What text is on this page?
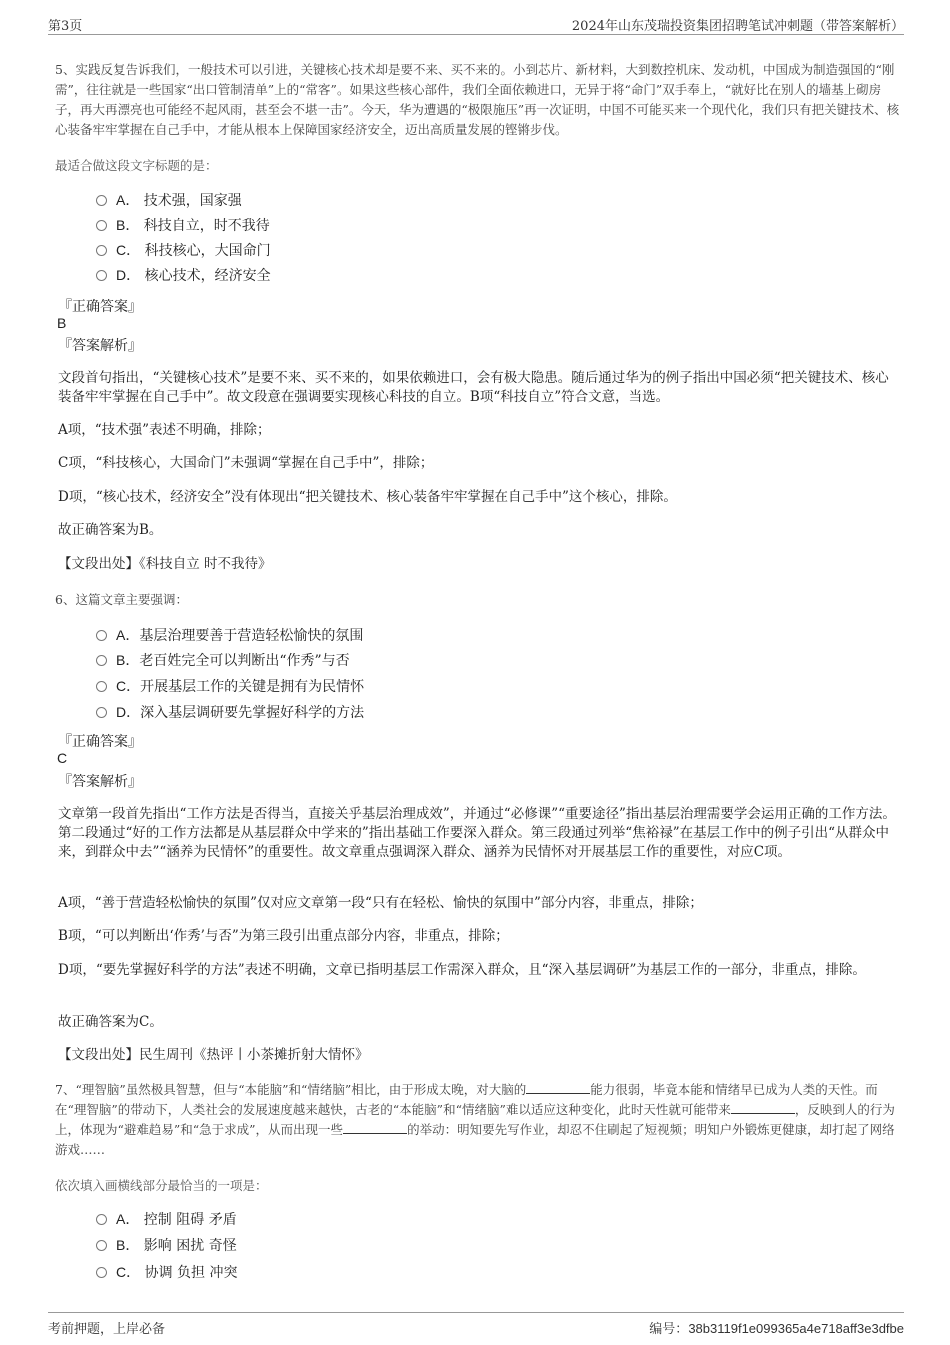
第3页	2024年山东茂瑞投资集团招聘笔试冲刺题（带答案解析）
5、实践反复告诉我们，一般技术可以引进，关键核心技术却是要不来、买不来的。小到芯片、新材料，大到数控机床、发动机，中国成为制造强国的“刚需”，往往就是一些国家“出口管制清单”上的“常客”。如果这些核心部件，我们全面依赖进口，无异于将“命门”双手奉上，“就好比在别人的墙基上砌房子，再大再漂亮也可能经不起风雨，甚至会不堪一击”。今天，华为遭遇的“极限施压”再一次证明，中国不可能买来一个现代化，我们只有把关键技术、核心装备牢牢掌握在自己手中，才能从根本上保障国家经济安全，迈出高质量发展的铿锵步伐。
最适合做这段文字标题的是：
A． 技术强，国家强
B． 科技自立，时不我待
C． 科技核心，大国命门
D． 核心技术，经济安全
『正确答案』
B
『答案解析』
文段首句指出，“关键核心技术”是要不来、买不来的，如果依赖进口，会有极大隐患。随后通过华为的例子指出中国必须“把关键技术、核心装备牢牢掌握在自己手中”。故文段意在强调要实现核心科技的自立。B项“科技自立”符合文意，当选。
A项，“技术强”表述不明确，排除；
C项，“科技核心，大国命门”未强调“掌握在自己手中”，排除；
D项，“核心技术，经济安全”没有体现出“把关键技术、核心装备牢牢掌握在自己手中”这个核心，排除。
故正确答案为B。
【文段出处】《科技自立 时不我待》
6、这篇文章主要强调：
A．基层治理要善于营造轻松愉快的氛围
B．老百姓完全可以判断出“作秀”与否
C．开展基层工作的关键是拥有为民情怀
D．深入基层调研要先掌握好科学的方法
『正确答案』
C
『答案解析』
文章第一段首先指出“工作方法是否得当，直接关乎基层治理成效”，并通过“必修课”“重要途径”指出基层治理需要学会运用正确的工作方法。第二段通过“好的工作方法都是从基层群众中学来的”指出基础工作要深入群众。第三段通过列举“焦裕禄”在基层工作中的例子引出“从群众中来，到群众中去”“涵养为民情怀”的重要性。故文章重点强调深入群众、涵养为民情怀对开展基层工作的重要性，对应C项。
A项，“善于营造轻松愉快的氛围”仅对应文章第一段“只有在轻松、愉快的氛围中”部分内容，非重点，排除；
B项，“可以判断出‘作秀’与否”为第三段引出重点部分内容，非重点，排除；
D项，“要先掌握好科学的方法”表述不明确，文章已指明基层工作需深入群众，且“深入基层调研”为基层工作的一部分，非重点，排除。
故正确答案为C。
【文段出处】民生周刊《热评丨小茶摊折射大情怀》
7、“理智脑”虽然极具智慧，但与“本能脑”和“情绪脑”相比，由于形成太晚，对大脑的	能力很弱，毕竟本能和情绪早已成为人类的天性。而在“理智脑”的带动下，人类社会的发展速度越来越快，古老的“本能脑”和“情绪脑”难以适应这种变化，此时天性就可能带来	，反映到人的行为上，体现为“避难趋易”和“急于求成”，从而出现一些	的举动：明知要先写作业，却忍不住刷起了短视频；明知户外锻炼更健康，却打起了网络游戏……
依次填入画横线部分最恰当的一项是：
A． 控制 阻碍 矛盾
B． 影响 困扰 奇怪
C． 协调 负担 冲突
考前押题，上岸必备	编号：38b3119f1e099365a4e718aff3e3dfbe
